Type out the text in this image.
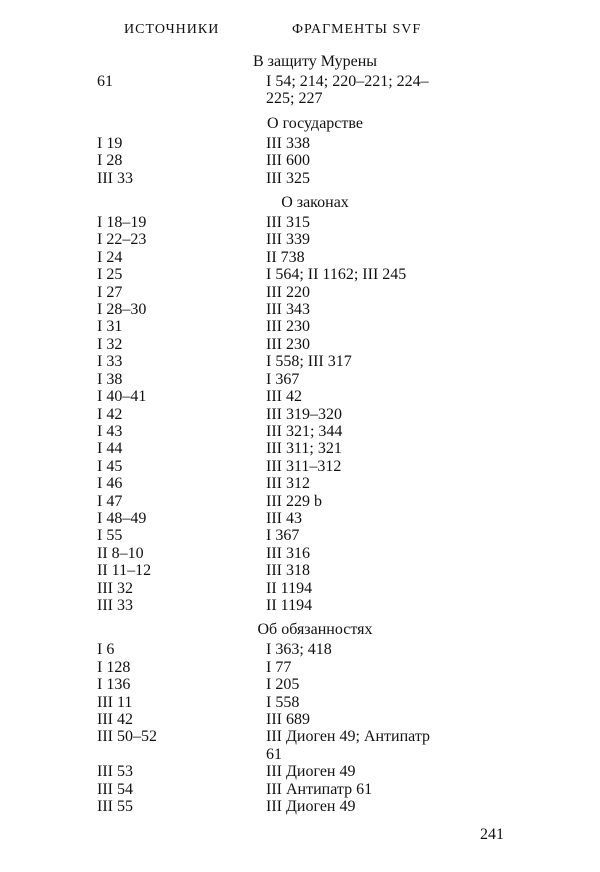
ИСТОЧНИКИ	ФРАГМЕНТЫ SVF
В защиту Мурены
61	I 54; 214; 220–221; 224–225; 227
О государстве
I 19	III 338
I 28	III 600
III 33	III 325
О законах
I 18–19	III 315
I 22–23	III 339
I 24	II 738
I 25	I 564; II 1162; III 245
I 27	III 220
I 28–30	III 343
I 31	III 230
I 32	III 230
I 33	I 558; III 317
I 38	I 367
I 40–41	III 42
I 42	III 319–320
I 43	III 321; 344
I 44	III 311; 321
I 45	III 311–312
I 46	III 312
I 47	III 229 b
I 48–49	III 43
I 55	I 367
II 8–10	III 316
II 11–12	III 318
III 32	II 1194
III 33	II 1194
Об обязанностях
I 6	I 363; 418
I 128	I 77
I 136	I 205
III 11	I 558
III 42	III 689
III 50–52	III Диоген 49; Антипатр 61
III 53	III Диоген 49
III 54	III Антипатр 61
III 55	III Диоген 49
241
